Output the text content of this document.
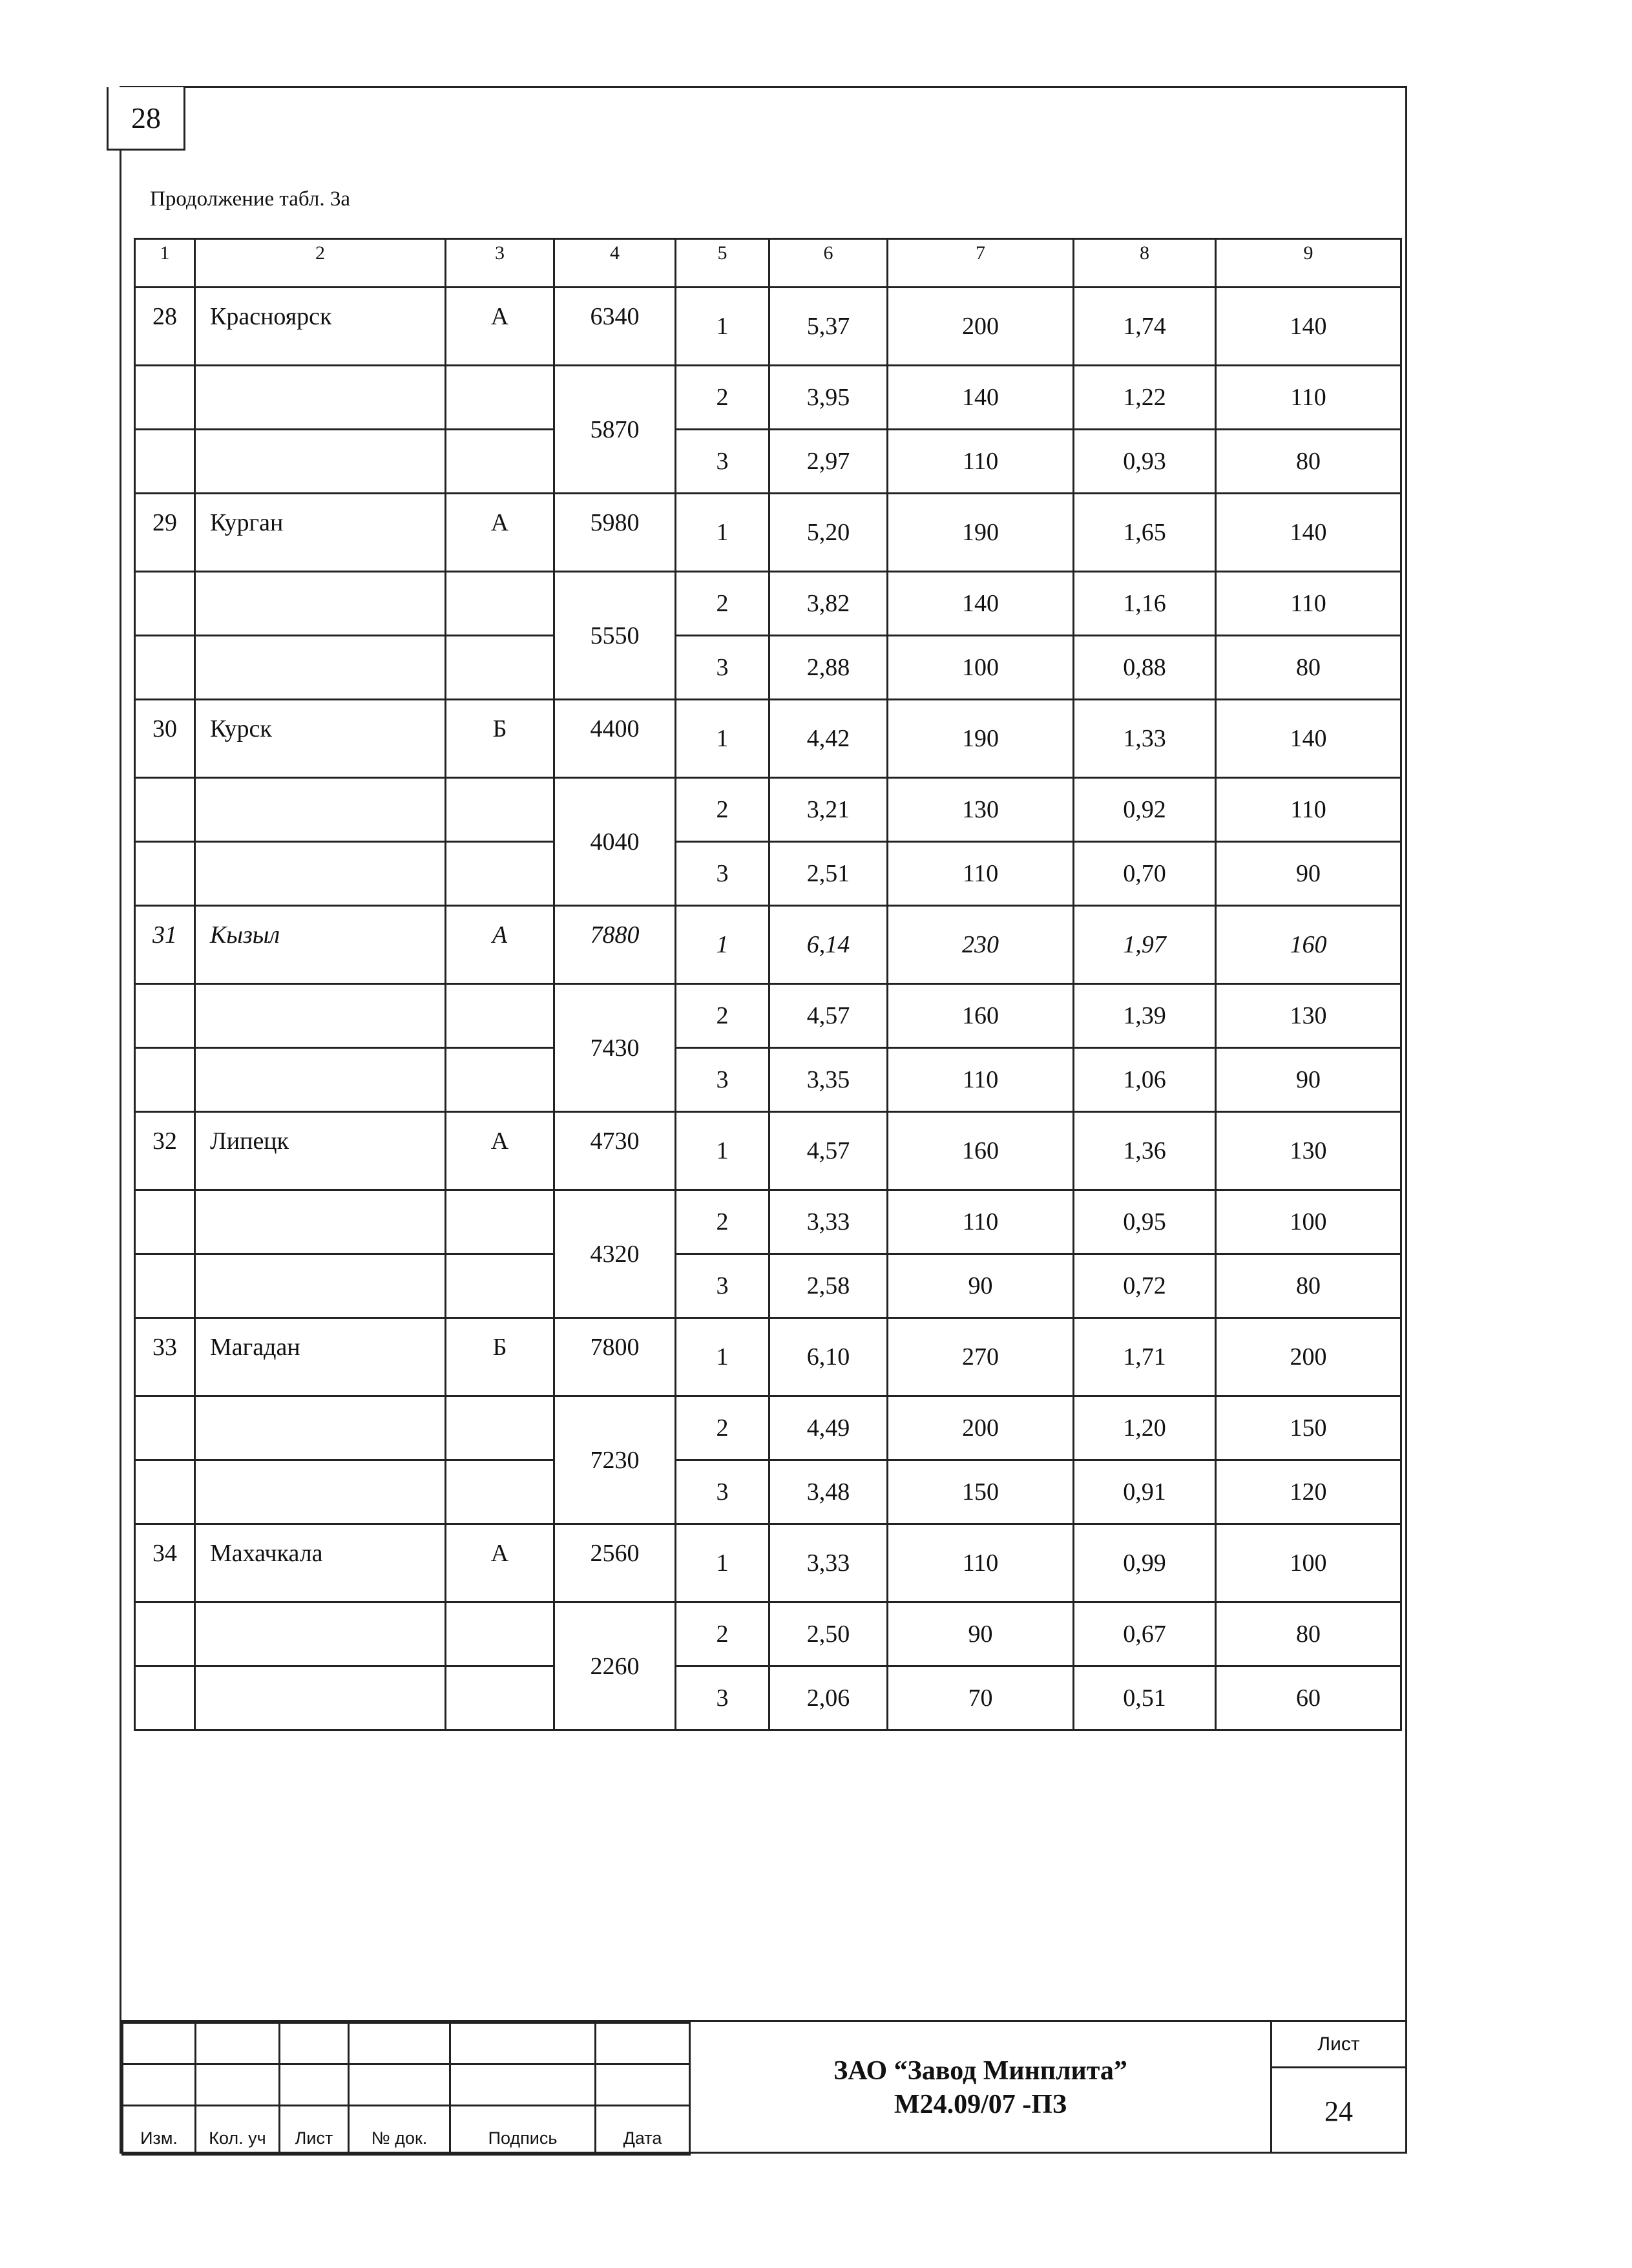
28
Продолжение табл. 3а
1	2	3	4	5	6	7	8	9
28	Красноярск	А	6340	1	5,37	200	1,74	140
			5870	2	3,95	140	1,22	110
				3	2,97	110	0,93	80
29	Курган	А	5980	1	5,20	190	1,65	140
			5550	2	3,82	140	1,16	110
				3	2,88	100	0,88	80
30	Курск	Б	4400	1	4,42	190	1,33	140
			4040	2	3,21	130	0,92	110
				3	2,51	110	0,70	90
31	Кызыл	А	7880	1	6,14	230	1,97	160
			7430	2	4,57	160	1,39	130
				3	3,35	110	1,06	90
32	Липецк	А	4730	1	4,57	160	1,36	130
			4320	2	3,33	110	0,95	100
				3	2,58	90	0,72	80
33	Магадан	Б	7800	1	6,10	270	1,71	200
			7230	2	4,49	200	1,20	150
				3	3,48	150	0,91	120
34	Махачкала	А	2560	1	3,33	110	0,99	100
			2260	2	2,50	90	0,67	80
				3	2,06	70	0,51	60

Изм.	Кол. уч	Лист	№ док.	Подпись	Дата
ЗАО “Завод Минплита”
М24.09/07 -ПЗ
Лист
24
